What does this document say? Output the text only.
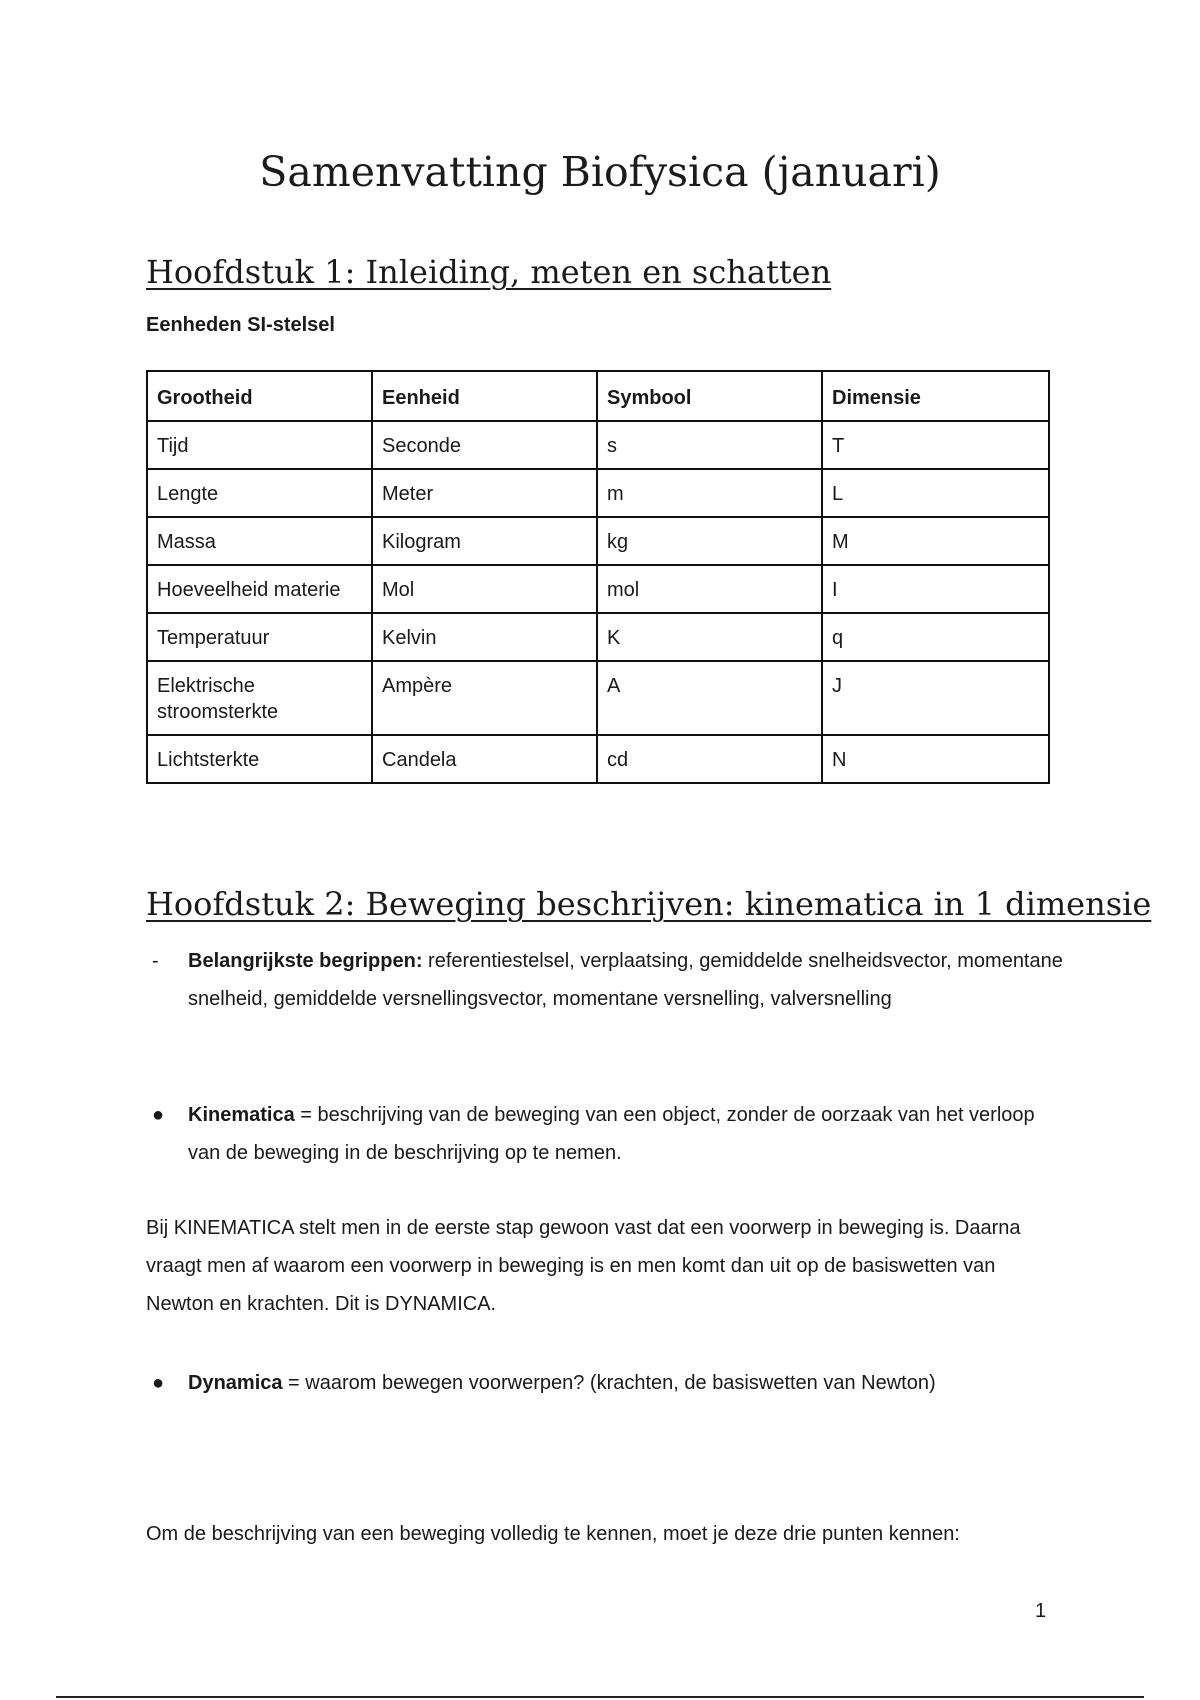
Samenvatting Biofysica (januari)
Hoofdstuk 1: Inleiding, meten en schatten

Eenheden SI-stelsel

Grootheid	Eenheid	Symbool	Dimensie
Tijd	Seconde	s	T
Lengte	Meter	m	L
Massa	Kilogram	kg	M
Hoeveelheid materie	Mol	mol	I
Temperatuur	Kelvin	K	q
Elektrische stroomsterkte	Ampère	A	J
Lichtsterkte	Candela	cd	N
Hoofdstuk 2: Beweging beschrijven: kinematica in 1 dimensie
-	Belangrijkste begrippen: referentiestelsel, verplaatsing, gemiddelde snelheidsvector, momentane snelheid, gemiddelde versnellingsvector, momentane versnelling, valversnelling
●	Kinematica = beschrijving van de beweging van een object, zonder de oorzaak van het verloop van de beweging in de beschrijving op te nemen.

Bij KINEMATICA stelt men in de eerste stap gewoon vast dat een voorwerp in beweging is. Daarna vraagt men af waarom een voorwerp in beweging is en men komt dan uit op de basiswetten van Newton en krachten. Dit is DYNAMICA.

●	Dynamica = waarom bewegen voorwerpen? (krachten, de basiswetten van Newton)

Om de beschrijving van een beweging volledig te kennen, moet je deze drie punten kennen:

1
